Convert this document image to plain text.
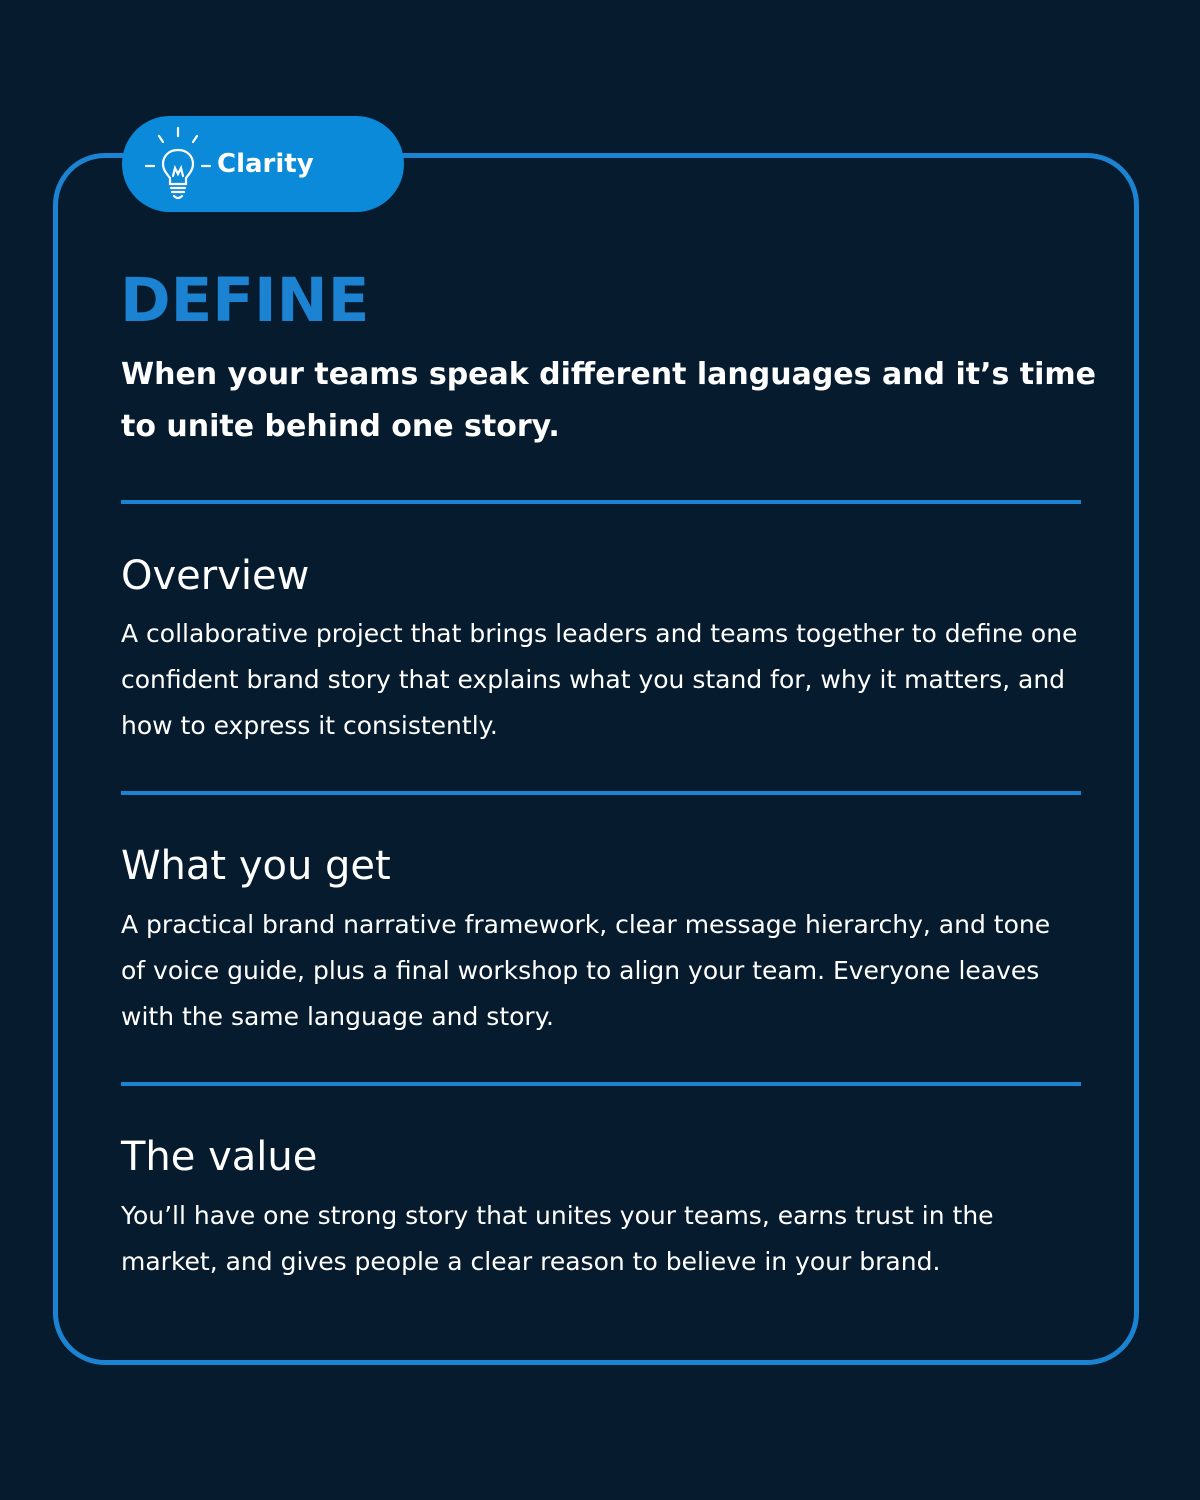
Clarity
DEFINE
When your teams speak different languages and it’s time to unite behind one story.
Overview
A collaborative project that brings leaders and teams together to define one confident brand story that explains what you stand for, why it matters, and how to express it consistently.
What you get
A practical brand narrative framework, clear message hierarchy, and tone of voice guide, plus a final workshop to align your team. Everyone leaves with the same language and story.
The value
You’ll have one strong story that unites your teams, earns trust in the market, and gives people a clear reason to believe in your brand.
